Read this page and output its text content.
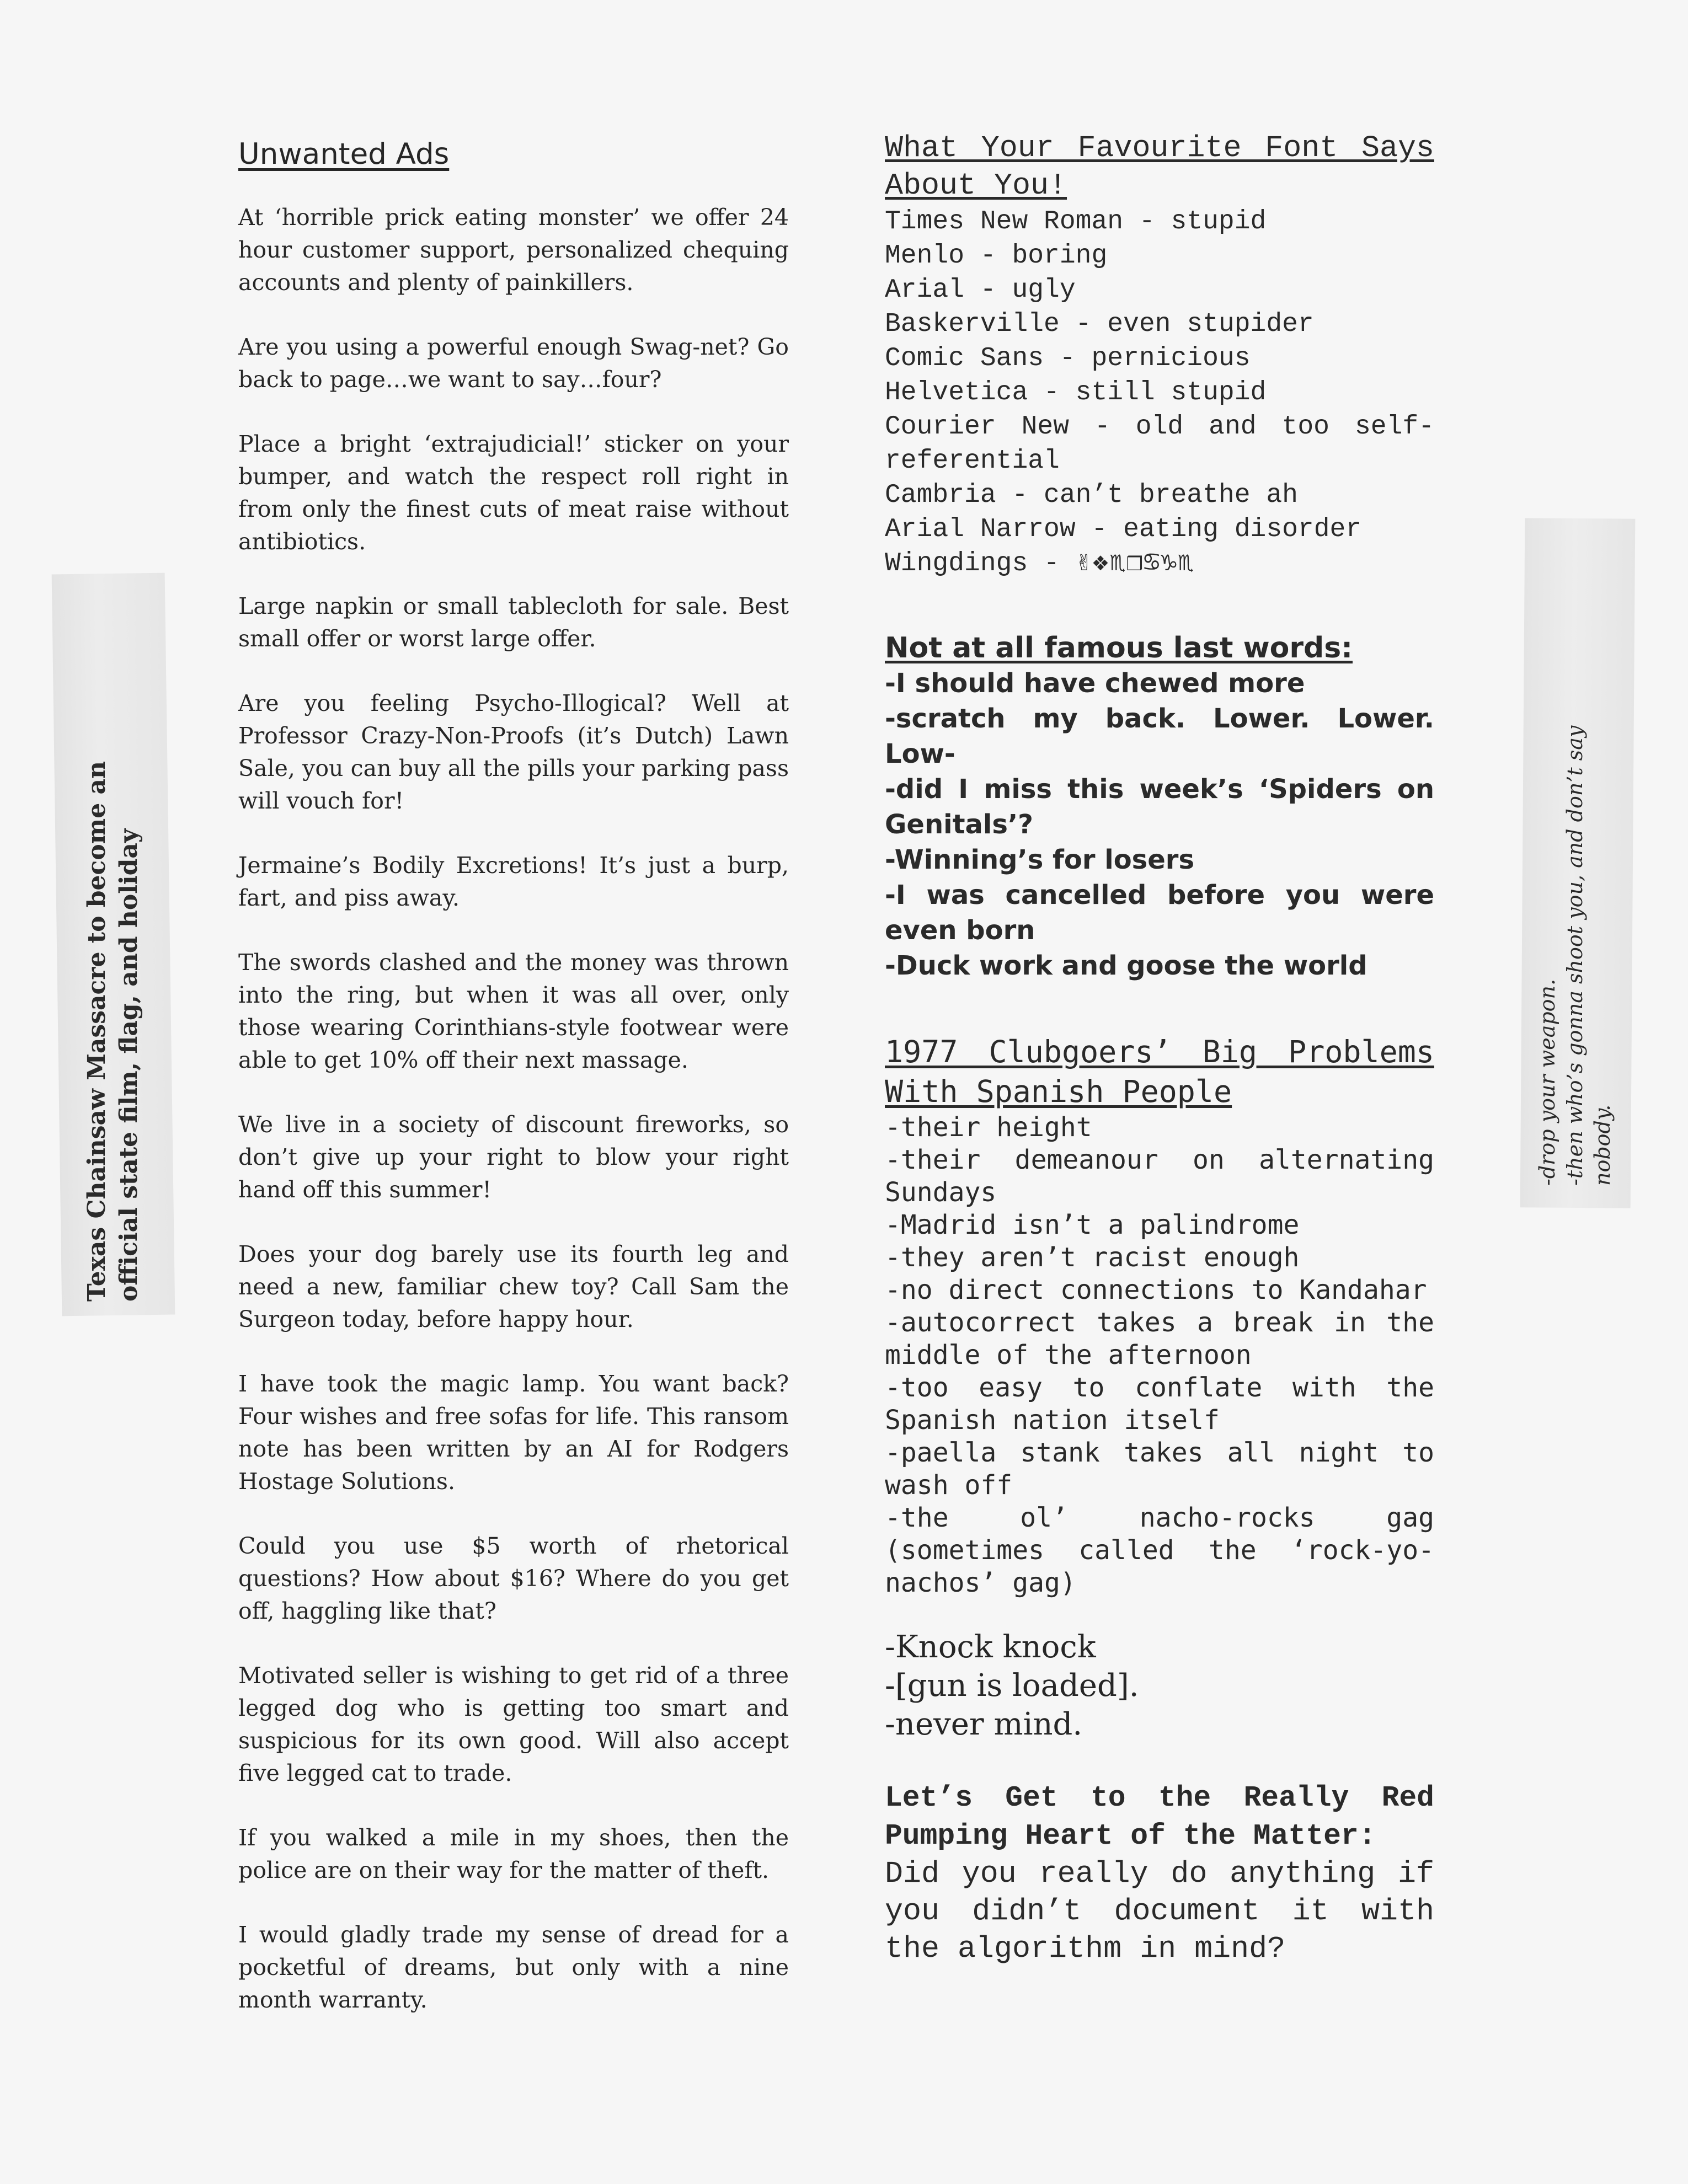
Unwanted Ads

At ‘horrible prick eating monster’ we offer 24 hour customer support, personalized chequing accounts and plenty of painkillers.

Are you using a powerful enough Swag-net? Go back to page…we want to say…four?

Place a bright ‘extrajudicial!’ sticker on your bumper, and watch the respect roll right in from only the finest cuts of meat raise without antibiotics.

Large napkin or small tablecloth for sale. Best small offer or worst large offer.

Are you feeling Psycho-Illogical? Well at Professor Crazy-Non-Proofs (it’s Dutch) Lawn Sale, you can buy all the pills your parking pass will vouch for!

Jermaine’s Bodily Excretions! It’s just a burp, fart, and piss away.

The swords clashed and the money was thrown into the ring, but when it was all over, only those wearing Corinthians-style footwear were able to get 10% off their next massage.

We live in a society of discount fireworks, so don’t give up your right to blow your right hand off this summer!

Does your dog barely use its fourth leg and need a new, familiar chew toy? Call Sam the Surgeon today, before happy hour.

I have took the magic lamp. You want back? Four wishes and free sofas for life. This ransom note has been written by an AI for Rodgers Hostage Solutions.

Could you use $5 worth of rhetorical questions? How about $16? Where do you get off, haggling like that?

Motivated seller is wishing to get rid of a three legged dog who is getting too smart and suspicious for its own good. Will also accept five legged cat to trade.

If you walked a mile in my shoes, then the police are on their way for the matter of theft.

I would gladly trade my sense of dread for a pocketful of dreams, but only with a nine month warranty.

What Your Favourite Font Says About You!
Times New Roman - stupid
Menlo - boring
Arial - ugly
Baskerville - even stupider
Comic Sans - pernicious
Helvetica - still stupid
Courier New - old and too self-referential
Cambria - can’t breathe ah
Arial Narrow - eating disorder
Wingdings - ✌❖♏❒♋♑♏
Not at all famous last words:
-I should have chewed more
-scratch my back. Lower. Lower. Low-
-did I miss this week’s ‘Spiders on Genitals’?
-Winning’s for losers
-I was cancelled before you were even born
-Duck work and goose the world
1977 Clubgoers’ Big Problems With Spanish People
-their height
-their demeanour on alternating Sundays
-Madrid isn’t a palindrome
-they aren’t racist enough
-no direct connections to Kandahar
-autocorrect takes a break in the middle of the afternoon
-too easy to conflate with the Spanish nation itself
-paella stank takes all night to wash off
-the ol’ nacho-rocks gag (sometimes called the ‘rock-yo-nachos’ gag)
-Knock knock
-[gun is loaded].
-never mind.
Let’s Get to the Really Red Pumping Heart of the Matter:
Did you really do anything if you didn’t document it with the algorithm in mind?
Texas Chainsaw Massacre to become an official state film, flag, and holiday	-drop your weapon. -then who’s gonna shoot you, and don’t say nobody.
